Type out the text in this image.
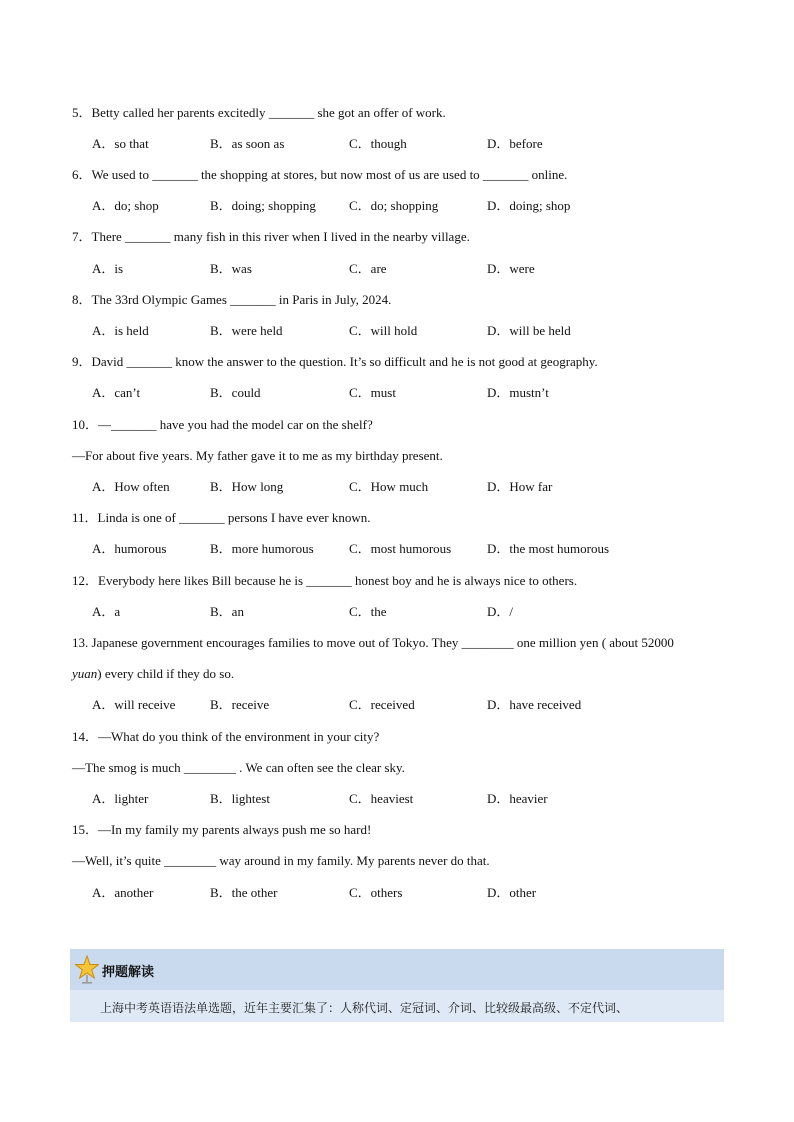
5．Betty called her parents excitedly _______ she got an offer of work.
A．so that	B．as soon as	C．though	D．before
6．We used to _______ the shopping at stores, but now most of us are used to _______ online.
A．do; shop	B．doing; shopping	C．do; shopping	D．doing; shop
7．There _______ many fish in this river when I lived in the nearby village.
A．is	B．was	C．are	D．were
8．The 33rd Olympic Games _______ in Paris in July, 2024.
A．is held	B．were held	C．will hold	D．will be held
9．David _______ know the answer to the question. It’s so difficult and he is not good at geography.
A．can’t	B．could	C．must	D．mustn’t
10．—_______ have you had the model car on the shelf?
—For about five years. My father gave it to me as my birthday present.
A．How often	B．How long	C．How much	D．How far
11．Linda is one of _______ persons I have ever known.
A．humorous	B．more humorous	C．most humorous	D．the most humorous
12．Everybody here likes Bill because he is _______ honest boy and he is always nice to others.
A．a	B．an	C．the	D．/
13. Japanese government encourages families to move out of Tokyo. They ________ one million yen ( about 52000
yuan) every child if they do so.
A．will receive	B．receive	C．received	D．have received
14．—What do you think of the environment in your city?
—The smog is much ________ . We can often see the clear sky.
A．lighter	B．lightest	C．heaviest	D．heavier
15．—In my family my parents always push me so hard!
—Well, it’s quite ________ way around in my family. My parents never do that.
A．another	B．the other	C．others	D．other
押题解读
上海中考英语语法单选题，近年主要汇集了：人称代词、定冠词、介词、比较级最高级、不定代词、
